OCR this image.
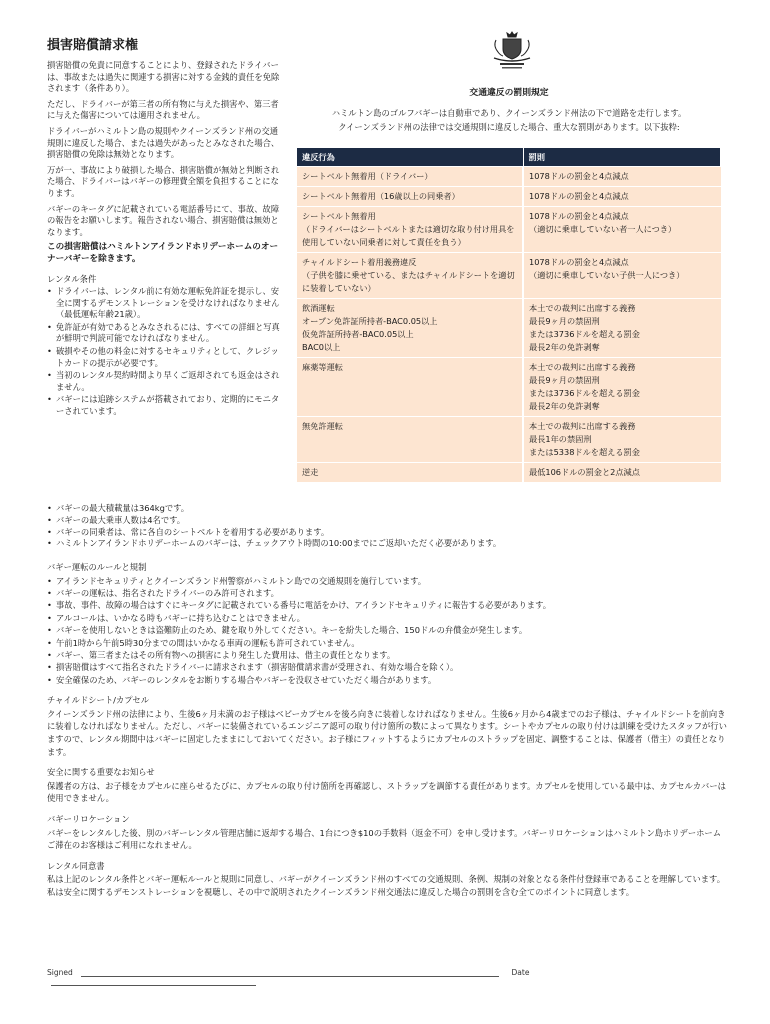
損害賠償請求権

損害賠償の免責に同意することにより、登録されたドライバーは、事故または過失に関連する損害に対する金銭的責任を免除されます（条件あり）。

ただし、ドライバーが第三者の所有物に与えた損害や、第三者に与えた傷害については適用されません。

ドライバーがハミルトン島の規則やクイーンズランド州の交通規則に違反した場合、または過失があったとみなされた場合、損害賠償の免除は無効となります。

万が一、事故により破損した場合、損害賠償が無効と判断された場合、ドライバーはバギーの修理費全額を負担することになります。

バギーのキータグに記載されている電話番号にて、事故、故障の報告をお願いします。報告されない場合、損害賠償は無効となります。

この損害賠償はハミルトンアイランドホリデーホームのオーナーバギーを除きます。

レンタル条件

• ドライバーは、レンタル前に有効な運転免許証を提示し、安全に関するデモンストレーションを受けなければなりません（最低運転年齢21歳）。
• 免許証が有効であるとみなされるには、すべての詳細と写真が鮮明で判読可能でなければなりません。
• 破損やその他の料金に対するセキュリティとして、クレジットカードの提示が必要です。
• 当初のレンタル契約時間より早くご返却されても返金はされません。
• バギーには追跡システムが搭載されており、定期的にモニターされています。
• バギーの最大積載量は364kgです。
• バギーの最大乗車人数は4名です。
• バギーの同乗者は、常に各自のシートベルトを着用する必要があります。
• ハミルトンアイランドホリデーホームのバギーは、チェックアウト時間の10:00までにご返却いただく必要があります。
交通違反の罰則規定
ハミルトン島のゴルフバギーは自動車であり、クイーンズランド州法の下で道路を走行します。
クイーンズランド州の法律では交通規則に違反した場合、重大な罰則があります。以下抜粋:
違反行為	罰則

シートベルト無着用（ドライバー）	1078ドルの罰金と4点減点

シートベルト無着用（16歳以上の同乗者）	1078ドルの罰金と4点減点

シートベルト無着用
（ドライバーはシートベルトまたは適切な取り付け用具を使用していない同乗者に対して責任を負う）	1078ドルの罰金と4点減点
（適切に乗車していない者一人につき）

チャイルドシート着用義務違反
（子供を膝に乗せている、またはチャイルドシートを適切に装着していない）	1078ドルの罰金と4点減点
（適切に乗車していない子供一人につき）

飲酒運転
オープン免許証所持者-BAC0.05以上
仮免許証所持者-BAC0.05以上
BAC0以上	本土での裁判に出席する義務
最長9ヶ月の禁固刑
または3736ドルを超える罰金
最長2年の免許剥奪

麻薬等運転	本土での裁判に出席する義務
最長9ヶ月の禁固刑
または3736ドルを超える罰金
最長2年の免許剥奪

無免許運転	本土での裁判に出席する義務
最長1年の禁固刑
または5338ドルを超える罰金

逆走	最低106ドルの罰金と2点減点

バギー運転のルールと規制

• アイランドセキュリティとクイーンズランド州警察がハミルトン島での交通規則を施行しています。
• バギーの運転は、指名されたドライバーのみ許可されます。
• 事故、事件、故障の場合はすぐにキータグに記載されている番号に電話をかけ、アイランドセキュリティに報告する必要があります。
• アルコールは、いかなる時もバギーに持ち込むことはできません。
• バギーを使用しないときは盗難防止のため、鍵を取り外してください。キーを紛失した場合、150ドルの弁償金が発生します。
• 午前1時から午前5時30分までの間はいかなる車両の運転も許可されていません。
• バギー、第三者またはその所有物への損害により発生した費用は、借主の責任となります。
• 損害賠償はすべて指名されたドライバーに請求されます（損害賠償請求書が受理され、有効な場合を除く）。
• 安全確保のため、バギーのレンタルをお断りする場合やバギーを没収させていただく場合があります。

チャイルドシート/カプセル

クイーンズランド州の法律により、生後6ヶ月未満のお子様はベビーカプセルを後ろ向きに装着しなければなりません。生後6ヶ月から4歳までのお子様は、チャイルドシートを前向きに装着しなければなりません。ただし、バギーに装備されているエンジニア認可の取り付け箇所の数によって異なります。シートやカプセルの取り付けは訓練を受けたスタッフが行いますので、レンタル期間中はバギーに固定したままにしておいてください。お子様にフィットするようにカプセルのストラップを固定、調整することは、保護者（借主）の責任となります。

安全に関する重要なお知らせ

保護者の方は、お子様をカプセルに座らせるたびに、カプセルの取り付け箇所を再確認し、ストラップを調節する責任があります。カプセルを使用している最中は、カプセルカバーは使用できません。

バギーリロケーション

バギーをレンタルした後、別のバギーレンタル管理店舗に返却する場合、1台につき$10の手数料（返金不可）を申し受けます。バギーリロケーションはハミルトン島ホリデーホームご滞在のお客様はご利用になれません。

レンタル同意書

私は上記のレンタル条件とバギー運転ルールと規則に同意し、バギーがクイーンズランド州のすべての交通規則、条例、規制の対象となる条件付登録車であることを理解しています。

私は安全に関するデモンストレーションを視聴し、その中で説明されたクイーンズランド州交通法に違反した場合の罰則を含む全てのポイントに同意します。

Signed	Date
